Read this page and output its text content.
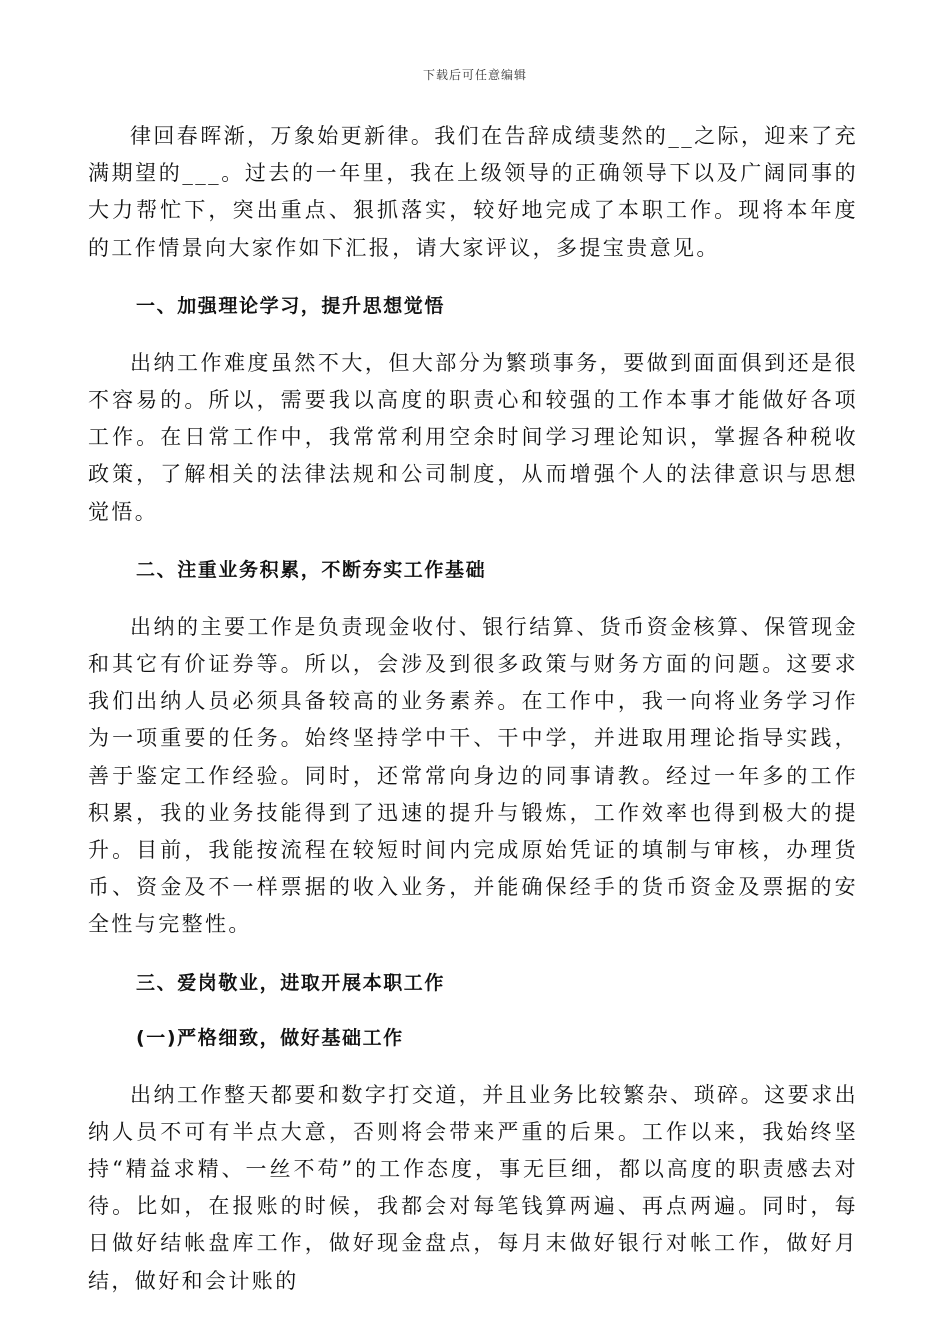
下载后可任意编辑

律回春晖渐，万象始更新律。我们在告辞成绩斐然的__之际，迎来了充满期望的___。过去的一年里，我在上级领导的正确领导下以及广阔同事的大力帮忙下，突出重点、狠抓落实，较好地完成了本职工作。现将本年度的工作情景向大家作如下汇报，请大家评议，多提宝贵意见。

一、加强理论学习，提升思想觉悟

出纳工作难度虽然不大，但大部分为繁琐事务，要做到面面俱到还是很不容易的。所以，需要我以高度的职责心和较强的工作本事才能做好各项工作。在日常工作中，我常常利用空余时间学习理论知识，掌握各种税收政策，了解相关的法律法规和公司制度，从而增强个人的法律意识与思想觉悟。

二、注重业务积累，不断夯实工作基础

出纳的主要工作是负责现金收付、银行结算、货币资金核算、保管现金和其它有价证券等。所以，会涉及到很多政策与财务方面的问题。这要求我们出纳人员必须具备较高的业务素养。在工作中，我一向将业务学习作为一项重要的任务。始终坚持学中干、干中学，并进取用理论指导实践，善于鉴定工作经验。同时，还常常向身边的同事请教。经过一年多的工作积累，我的业务技能得到了迅速的提升与锻炼，工作效率也得到极大的提升。目前，我能按流程在较短时间内完成原始凭证的填制与审核，办理货币、资金及不一样票据的收入业务，并能确保经手的货币资金及票据的安全性与完整性。

三、爱岗敬业，进取开展本职工作

(一)严格细致，做好基础工作

出纳工作整天都要和数字打交道，并且业务比较繁杂、琐碎。这要求出纳人员不可有半点大意，否则将会带来严重的后果。工作以来，我始终坚持“精益求精、一丝不苟”的工作态度，事无巨细，都以高度的职责感去对待。比如，在报账的时候，我都会对每笔钱算两遍、再点两遍。同时，每日做好结帐盘库工作，做好现金盘点，每月末做好银行对帐工作，做好月结，做好和会计账的
